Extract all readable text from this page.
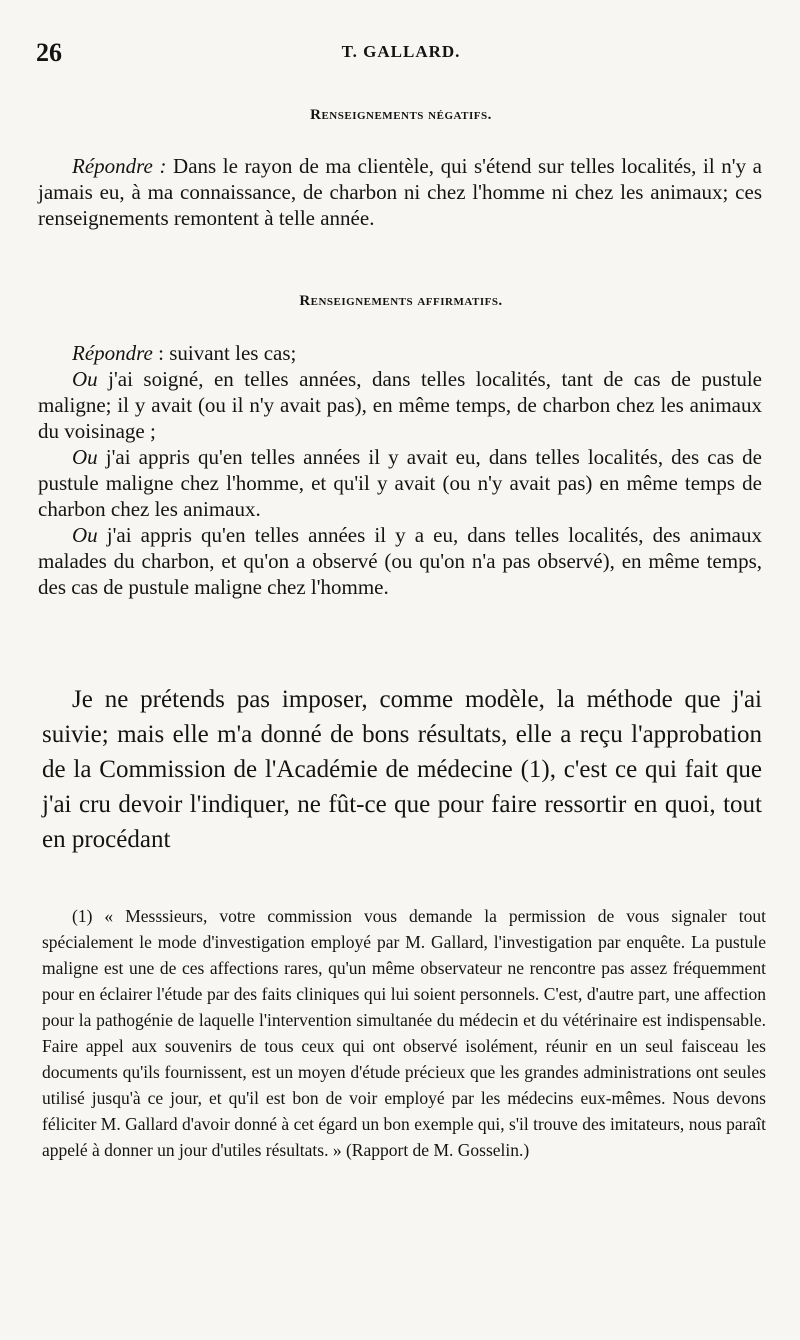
26	T. GALLARD.
Renseignements négatifs.

Répondre : Dans le rayon de ma clientèle, qui s'étend sur telles localités, il n'y a jamais eu, à ma connaissance, de charbon ni chez l'homme ni chez les animaux; ces renseignements remontent à telle année.

Renseignements affirmatifs.

Répondre : suivant les cas;

Ou j'ai soigné, en telles années, dans telles localités, tant de cas de pustule maligne; il y avait (ou il n'y avait pas), en même temps, de charbon chez les animaux du voisinage ;

Ou j'ai appris qu'en telles années il y avait eu, dans telles localités, des cas de pustule maligne chez l'homme, et qu'il y avait (ou n'y avait pas) en même temps de charbon chez les animaux.

Ou j'ai appris qu'en telles années il y a eu, dans telles localités, des animaux malades du charbon, et qu'on a observé (ou qu'on n'a pas observé), en même temps, des cas de pustule maligne chez l'homme.

Je ne prétends pas imposer, comme modèle, la méthode que j'ai suivie; mais elle m'a donné de bons résultats, elle a reçu l'approbation de la Commission de l'Académie de médecine (1), c'est ce qui fait que j'ai cru devoir l'indiquer, ne fût-ce que pour faire ressortir en quoi, tout en procédant

(1) « Messsieurs, votre commission vous demande la permission de vous signaler tout spécialement le mode d'investigation employé par M. Gallard, l'investigation par enquête. La pustule maligne est une de ces affections rares, qu'un même observateur ne rencontre pas assez fréquemment pour en éclairer l'étude par des faits cliniques qui lui soient personnels. C'est, d'autre part, une affection pour la pathogénie de laquelle l'intervention simultanée du médecin et du vétérinaire est indispensable. Faire appel aux souvenirs de tous ceux qui ont observé isolément, réunir en un seul faisceau les documents qu'ils fournissent, est un moyen d'étude précieux que les grandes administrations ont seules utilisé jusqu'à ce jour, et qu'il est bon de voir employé par les médecins eux-mêmes. Nous devons féliciter M. Gallard d'avoir donné à cet égard un bon exemple qui, s'il trouve des imitateurs, nous paraît appelé à donner un jour d'utiles résultats. » (Rapport de M. Gosselin.)
